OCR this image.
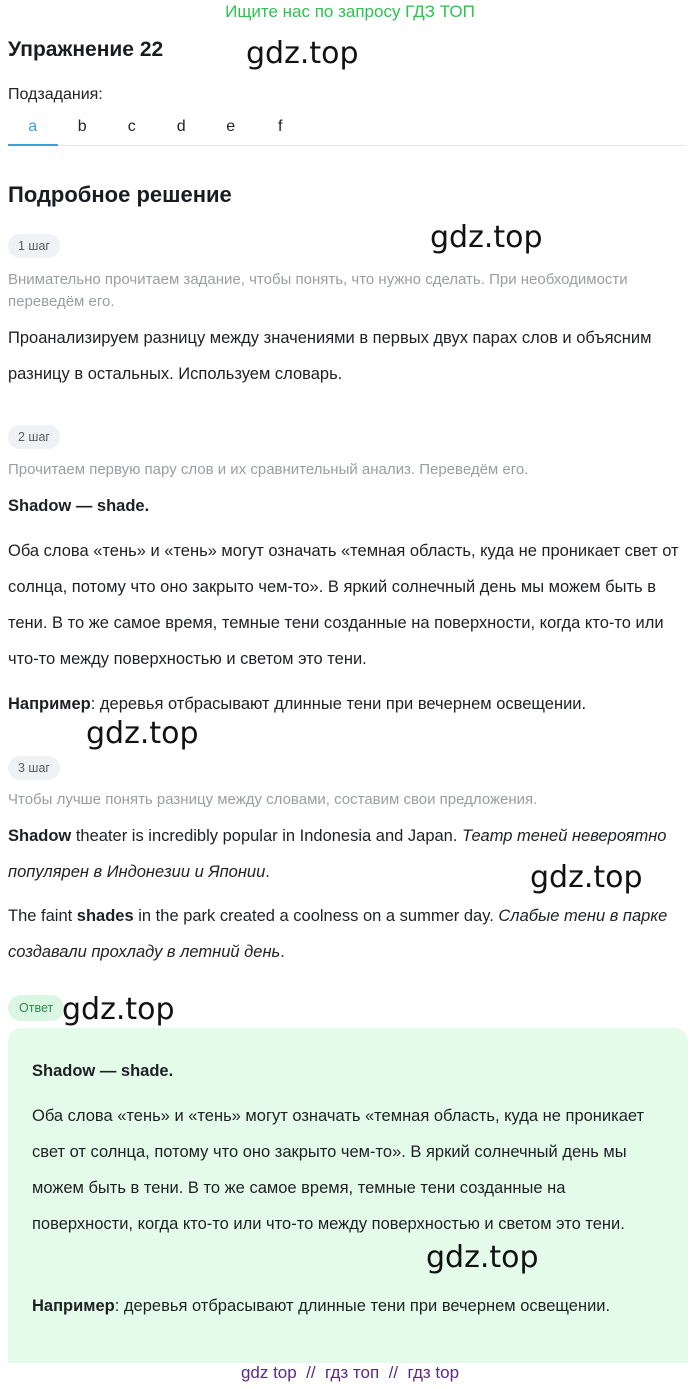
Ищите нас по запросу ГДЗ ТОП
Упражнение 22	gdz.top
Подзадания:
a	b	c	d	e	f
Подробное решение
1 шаг	gdz.top
Внимательно прочитаем задание, чтобы понять, что нужно сделать. При необходимости переведём его.
Проанализируем разницу между значениями в первых двух парах слов и объясним разницу в остальных. Используем словарь.
2 шаг
Прочитаем первую пару слов и их сравнительный анализ. Переведём его.
Shadow — shade.
Оба слова «тень» и «тень» могут означать «темная область, куда не проникает свет от солнца, потому что оно закрыто чем-то». В яркий солнечный день мы можем быть в тени. В то же самое время, темные тени созданные на поверхности, когда кто-то или что-то между поверхностью и светом это тени.
Например: деревья отбрасывают длинные тени при вечернем освещении.
gdz.top
3 шаг
Чтобы лучше понять разницу между словами, составим свои предложения.
Shadow theater is incredibly popular in Indonesia and Japan. Театр теней невероятно популярен в Индонезии и Японии.	gdz.top
The faint shades in the park created a coolness on a summer day. Слабые тени в парке создавали прохладу в летний день.
Ответ gdz.top
Shadow — shade.
Оба слова «тень» и «тень» могут означать «темная область, куда не проникает свет от солнца, потому что оно закрыто чем-то». В яркий солнечный день мы можем быть в тени. В то же самое время, темные тени созданные на поверхности, когда кто-то или что-то между поверхностью и светом это тени.
gdz.top
Например: деревья отбрасывают длинные тени при вечернем освещении.
gdz top  //  гдз топ  //  гдз top
